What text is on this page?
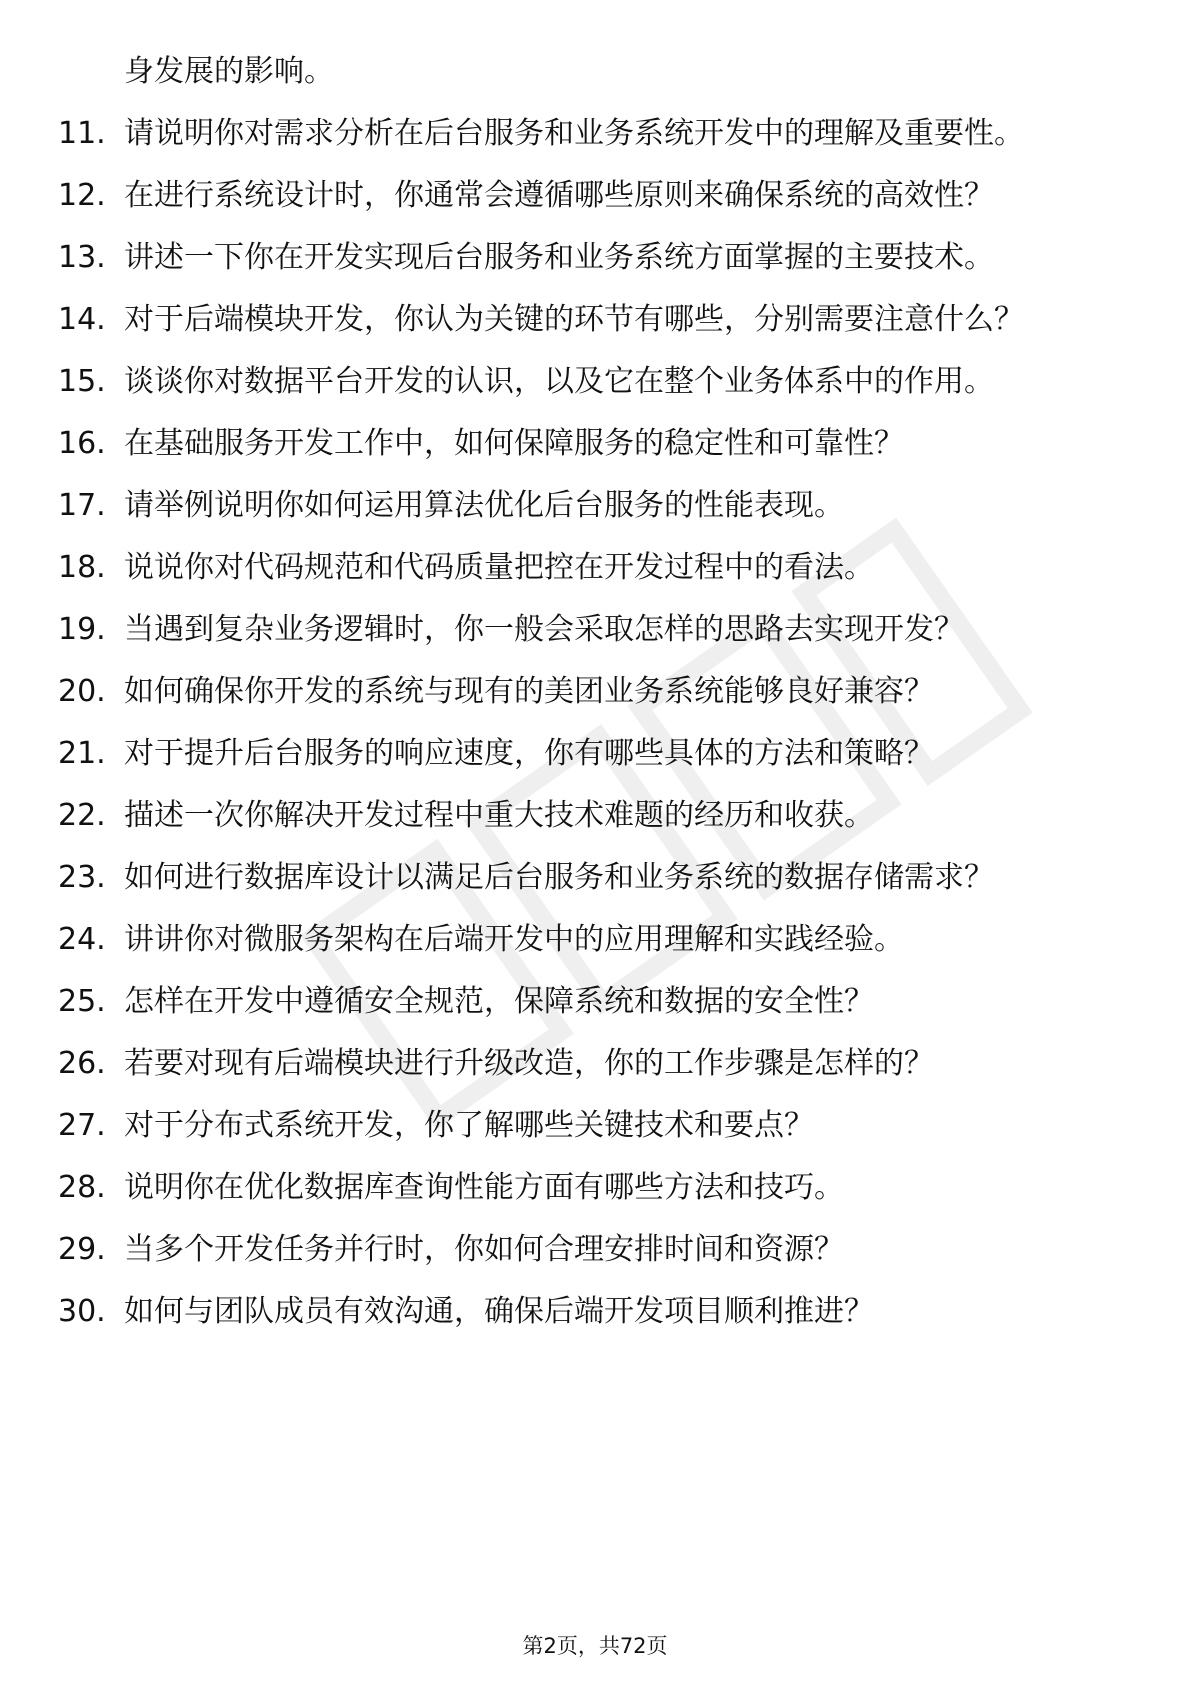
身发展的影响。
11. 请说明你对需求分析在后台服务和业务系统开发中的理解及重要性。
12. 在进行系统设计时，你通常会遵循哪些原则来确保系统的高效性？
13. 讲述一下你在开发实现后台服务和业务系统方面掌握的主要技术。
14. 对于后端模块开发，你认为关键的环节有哪些，分别需要注意什么？
15. 谈谈你对数据平台开发的认识，以及它在整个业务体系中的作用。
16. 在基础服务开发工作中，如何保障服务的稳定性和可靠性？
17. 请举例说明你如何运用算法优化后台服务的性能表现。
18. 说说你对代码规范和代码质量把控在开发过程中的看法。
19. 当遇到复杂业务逻辑时，你一般会采取怎样的思路去实现开发？
20. 如何确保你开发的系统与现有的美团业务系统能够良好兼容？
21. 对于提升后台服务的响应速度，你有哪些具体的方法和策略？
22. 描述一次你解决开发过程中重大技术难题的经历和收获。
23. 如何进行数据库设计以满足后台服务和业务系统的数据存储需求？
24. 讲讲你对微服务架构在后端开发中的应用理解和实践经验。
25. 怎样在开发中遵循安全规范，保障系统和数据的安全性？
26. 若要对现有后端模块进行升级改造，你的工作步骤是怎样的？
27. 对于分布式系统开发，你了解哪些关键技术和要点？
28. 说明你在优化数据库查询性能方面有哪些方法和技巧。
29. 当多个开发任务并行时，你如何合理安排时间和资源？
30. 如何与团队成员有效沟通，确保后端开发项目顺利推进？
第2页，共72页
